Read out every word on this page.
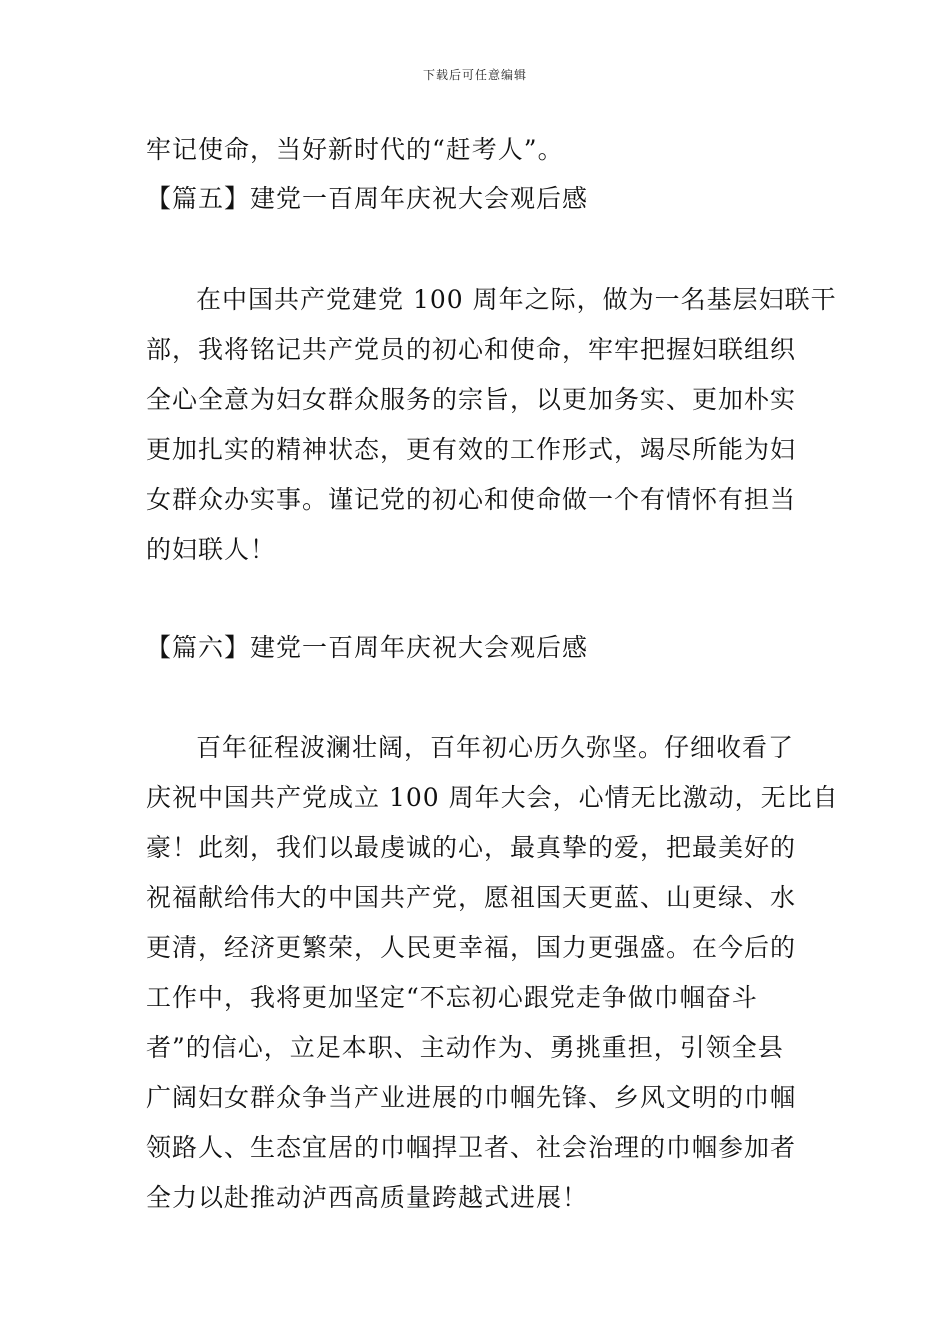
下载后可任意编辑
牢记使命，当好新时代的“赶考人”。
【篇五】建党一百周年庆祝大会观后感
在中国共产党建党 100 周年之际，做为一名基层妇联干
部，我将铭记共产党员的初心和使命，牢牢把握妇联组织
全心全意为妇女群众服务的宗旨，以更加务实、更加朴实
更加扎实的精神状态，更有效的工作形式，竭尽所能为妇
女群众办实事。谨记党的初心和使命做一个有情怀有担当
的妇联人！
【篇六】建党一百周年庆祝大会观后感
百年征程波澜壮阔，百年初心历久弥坚。仔细收看了
庆祝中国共产党成立 100 周年大会，心情无比激动，无比自
豪！此刻，我们以最虔诚的心，最真挚的爱，把最美好的
祝福献给伟大的中国共产党，愿祖国天更蓝、山更绿、水
更清，经济更繁荣，人民更幸福，国力更强盛。在今后的
工作中，我将更加坚定“不忘初心跟党走争做巾帼奋斗
者”的信心，立足本职、主动作为、勇挑重担，引领全县
广阔妇女群众争当产业进展的巾帼先锋、乡风文明的巾帼
领路人、生态宜居的巾帼捍卫者、社会治理的巾帼参加者
全力以赴推动泸西高质量跨越式进展！
